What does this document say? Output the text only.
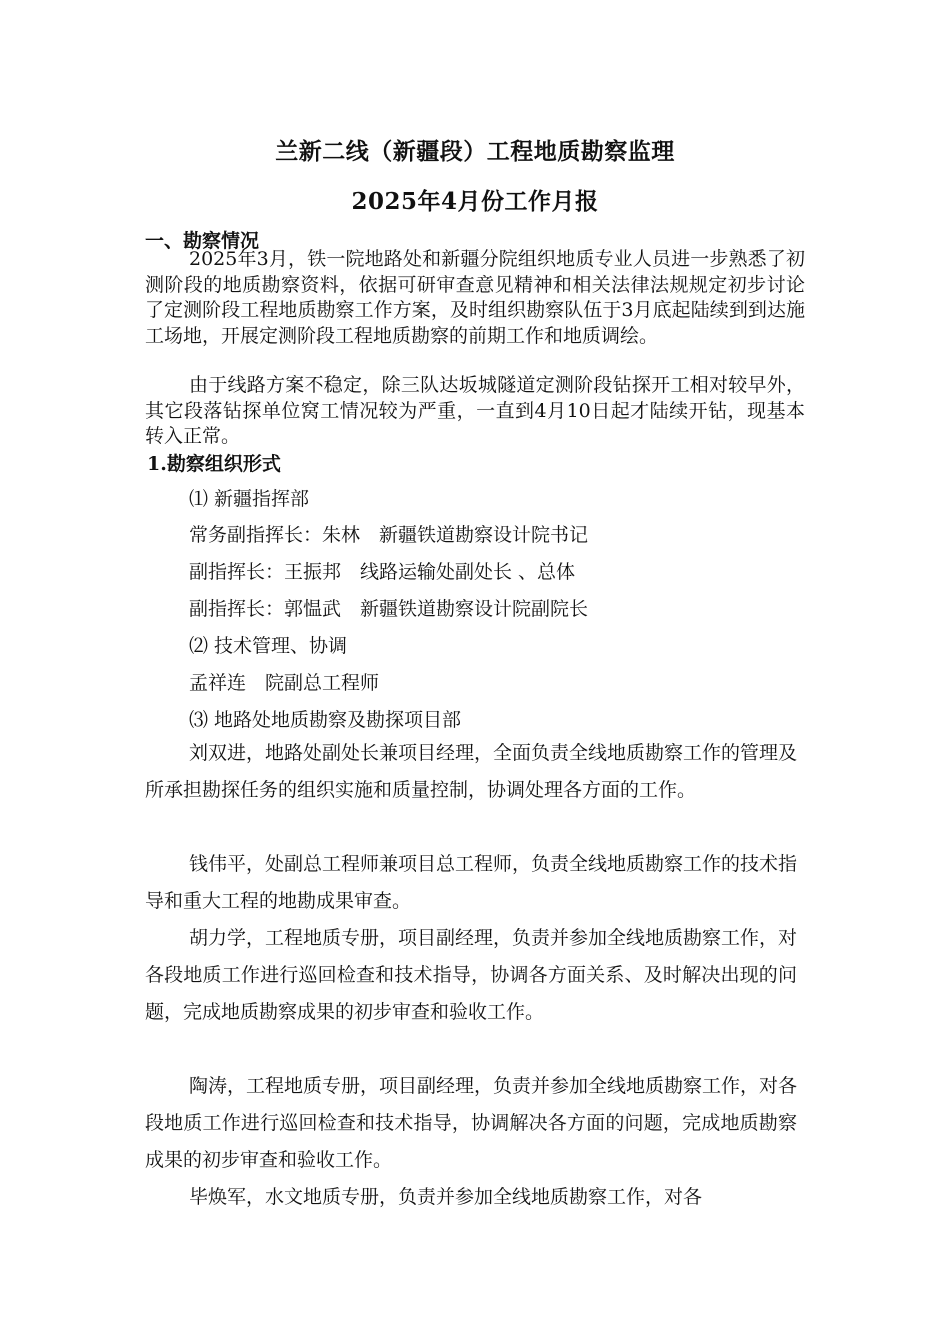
兰新二线（新疆段）工程地质勘察监理
2025年4月份工作月报
一、勘察情况

2025年3月，铁一院地路处和新疆分院组织地质专业人员进一步熟悉了初测阶段的地质勘察资料，依据可研审查意见精神和相关法律法规规定初步讨论了定测阶段工程地质勘察工作方案，及时组织勘察队伍于3月底起陆续到到达施工场地，开展定测阶段工程地质勘察的前期工作和地质调绘。

由于线路方案不稳定，除三队达坂城隧道定测阶段钻探开工相对较早外，其它段落钻探单位窝工情况较为严重，一直到4月10日起才陆续开钻，现基本转入正常。

1.勘察组织形式
⑴ 新疆指挥部
常务副指挥长：朱林　新疆铁道勘察设计院书记
副指挥长：王振邦　线路运输处副处长 、总体
副指挥长：郭愠武　新疆铁道勘察设计院副院长
⑵ 技术管理、协调
孟祥连　院副总工程师
⑶ 地路处地质勘察及勘探项目部

刘双进，地路处副处长兼项目经理，全面负责全线地质勘察工作的管理及所承担勘探任务的组织实施和质量控制，协调处理各方面的工作。

钱伟平，处副总工程师兼项目总工程师，负责全线地质勘察工作的技术指导和重大工程的地勘成果审查。

胡力学，工程地质专册，项目副经理，负责并参加全线地质勘察工作，对各段地质工作进行巡回检查和技术指导，协调各方面关系、及时解决出现的问题，完成地质勘察成果的初步审查和验收工作。

陶涛，工程地质专册，项目副经理，负责并参加全线地质勘察工作，对各段地质工作进行巡回检查和技术指导，协调解决各方面的问题，完成地质勘察成果的初步审查和验收工作。

毕焕军，水文地质专册，负责并参加全线地质勘察工作，对各
